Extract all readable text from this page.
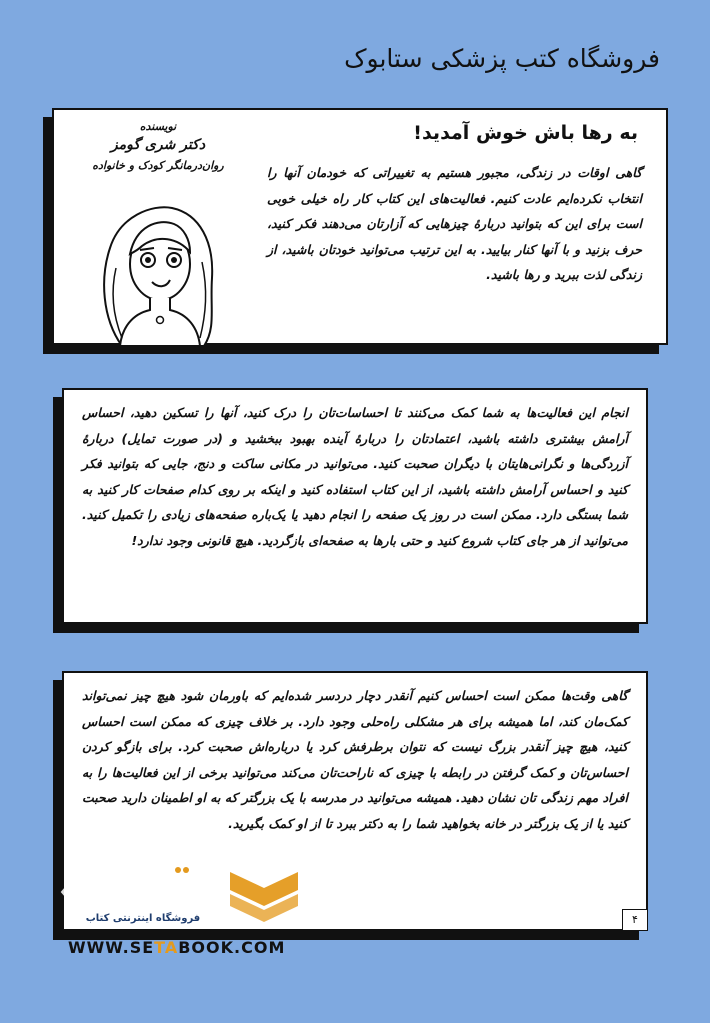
فروشگاه کتب پزشکی ستابوک
به رها باش خوش آمدید!
نویسنده
دکتر شری گومز
روان‌درمانگر کودک و خانواده	گاهی اوقات در زندگی، مجبور هستیم به تغییراتی که خودمان آنها را انتخاب نکرده‌ایم عادت کنیم. فعالیت‌های این کتاب کار راه خیلی خوبی است برای این که بتوانید درباره‌ٔ چیزهایی که آزارتان می‌دهند فکر کنید، حرف بزنید و با آنها کنار بیایید. به این ترتیب می‌توانید خودتان باشید، از زندگی لذت ببرید و رها باشید.
انجام این فعالیت‌ها به شما کمک می‌کنند تا احساسات‌تان را درک کنید، آنها را تسکین دهید، احساس آرامش بیشتری داشته باشید، اعتمادتان را درباره‌ٔ آینده بهبود ببخشید و (در صورت تمایل) درباره‌ٔ آزردگی‌ها و نگرانی‌هایتان با دیگران صحبت کنید. می‌توانید در مکانی ساکت و دنج، جایی که بتوانید فکر کنید و احساس آرامش داشته باشید، از این کتاب استفاده کنید و اینکه بر روی کدام صفحات کار کنید به شما بستگی دارد. ممکن است در روز یک صفحه را انجام دهید یا یک‌باره صفحه‌های زیادی را تکمیل کنید. می‌توانید از هر جای کتاب شروع کنید و حتی بارها به صفحه‌ای بازگردید. هیچ قانونی وجود ندارد!
گاهی وقت‌ها ممکن است احساس کنیم آنقدر دچار دردسر شده‌ایم که باورمان شود هیچ چیز نمی‌تواند کمک‌مان کند، اما همیشه برای هر مشکلی راه‌حلی وجود دارد. بر خلاف چیزی که ممکن است احساس کنید، هیچ چیز آنقدر بزرگ نیست که نتوان برطرفش کرد یا درباره‌اش صحبت کرد. برای بازگو کردن احساس‌تان و کمک گرفتن در رابطه با چیزی که ناراحت‌تان می‌کند می‌توانید برخی از این فعالیت‌ها را به افراد مهم زندگی تان نشان دهید. همیشه می‌توانید در مدرسه با یک بزرگتر که به او اطمینان دارید صحبت کنید یا از یک بزرگتر در خانه بخواهید شما را به دکتر ببرد تا از او کمک بگیرید.
فروشگاه اینترنتی کتاب	۴
WWW.SETABOOK.COM
